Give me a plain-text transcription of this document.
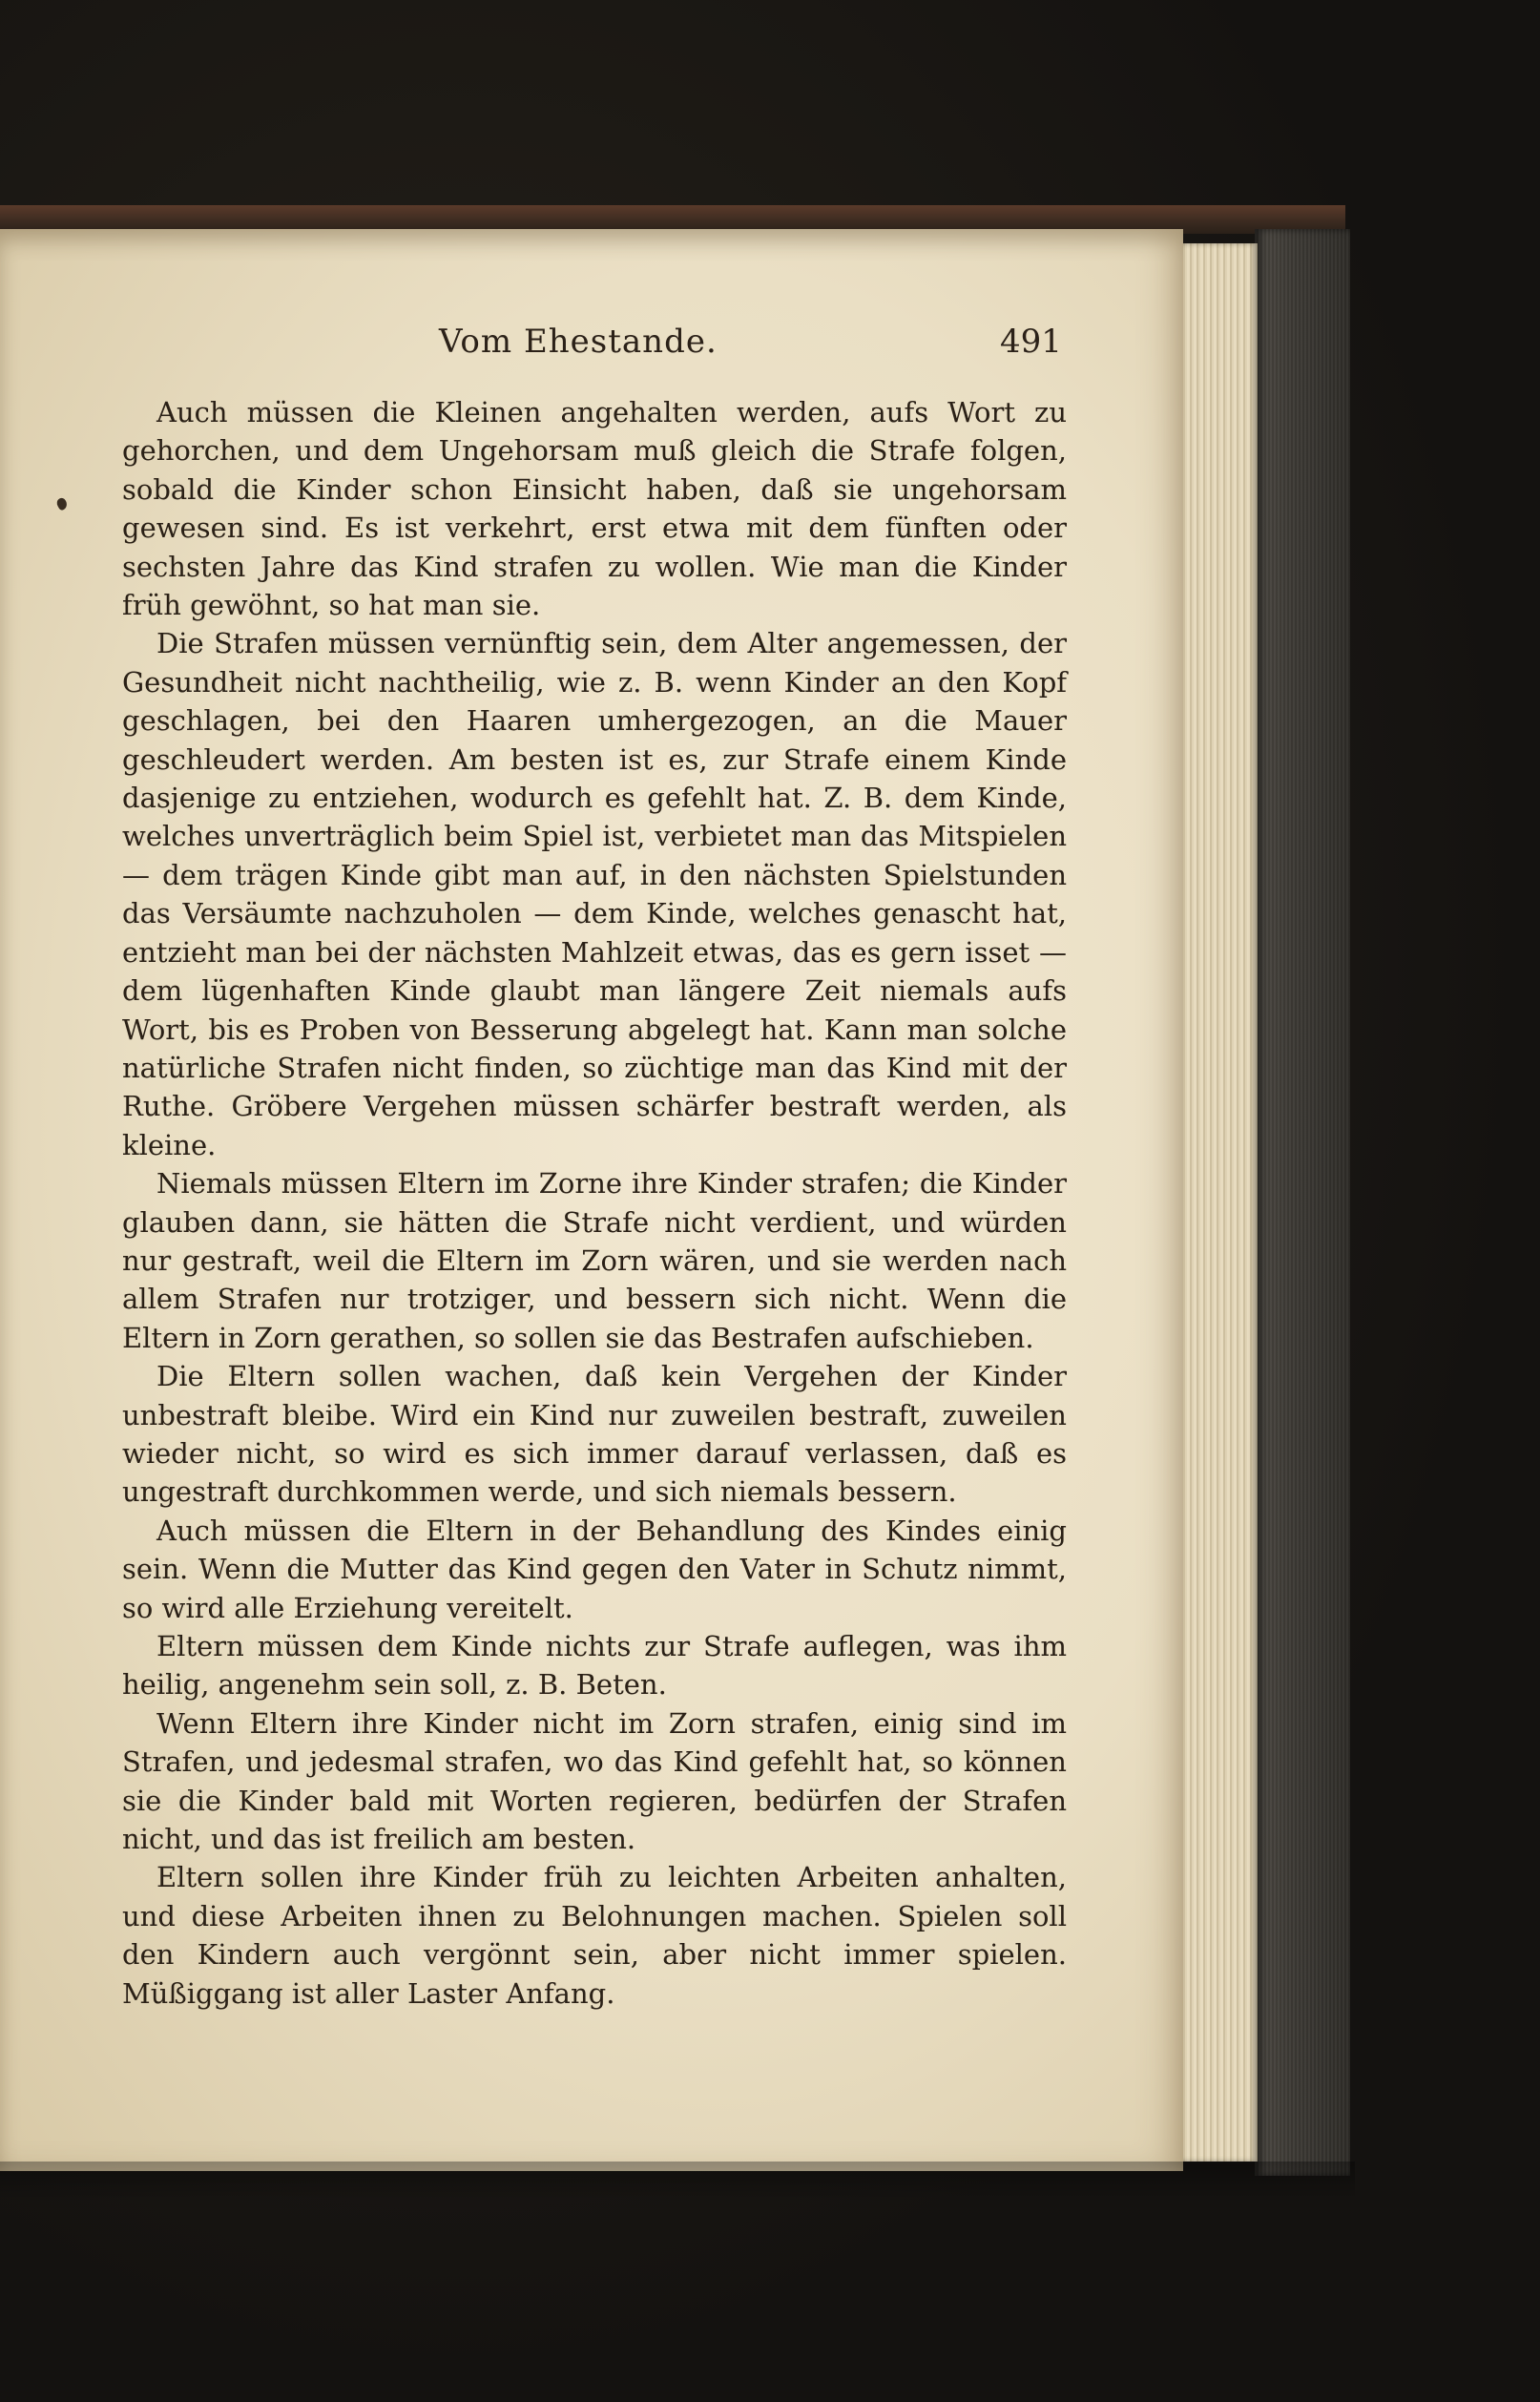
Vom Ehestande.	491

Auch müssen die Kleinen angehalten werden, aufs Wort zu gehorchen, und dem Ungehorsam muß gleich die Strafe folgen, sobald die Kinder schon Einsicht haben, daß sie ungehorsam gewesen sind. Es ist verkehrt, erst etwa mit dem fünften oder sechsten Jahre das Kind strafen zu wollen. Wie man die Kinder früh gewöhnt, so hat man sie.

Die Strafen müssen vernünftig sein, dem Alter angemessen, der Gesundheit nicht nachtheilig, wie z. B. wenn Kinder an den Kopf geschlagen, bei den Haaren umhergezogen, an die Mauer geschleudert werden. Am besten ist es, zur Strafe einem Kinde dasjenige zu entziehen, wodurch es gefehlt hat. Z. B. dem Kinde, welches unverträglich beim Spiel ist, verbietet man das Mitspielen — dem trägen Kinde gibt man auf, in den nächsten Spielstunden das Versäumte nachzuholen — dem Kinde, welches genascht hat, entzieht man bei der nächsten Mahlzeit etwas, das es gern isset — dem lügenhaften Kinde glaubt man längere Zeit niemals aufs Wort, bis es Proben von Besserung abgelegt hat. Kann man solche natürliche Strafen nicht finden, so züchtige man das Kind mit der Ruthe. Gröbere Vergehen müssen schärfer bestraft werden, als kleine.

Niemals müssen Eltern im Zorne ihre Kinder strafen; die Kinder glauben dann, sie hätten die Strafe nicht verdient, und würden nur gestraft, weil die Eltern im Zorn wären, und sie werden nach allem Strafen nur trotziger, und bessern sich nicht. Wenn die Eltern in Zorn gerathen, so sollen sie das Bestrafen aufschieben.

Die Eltern sollen wachen, daß kein Vergehen der Kinder unbestraft bleibe. Wird ein Kind nur zuweilen bestraft, zuweilen wieder nicht, so wird es sich immer darauf verlassen, daß es ungestraft durchkommen werde, und sich niemals bessern.

Auch müssen die Eltern in der Behandlung des Kindes einig sein. Wenn die Mutter das Kind gegen den Vater in Schutz nimmt, so wird alle Erziehung vereitelt.

Eltern müssen dem Kinde nichts zur Strafe auflegen, was ihm heilig, angenehm sein soll, z. B. Beten.

Wenn Eltern ihre Kinder nicht im Zorn strafen, einig sind im Strafen, und jedesmal strafen, wo das Kind gefehlt hat, so können sie die Kinder bald mit Worten regieren, bedürfen der Strafen nicht, und das ist freilich am besten.

Eltern sollen ihre Kinder früh zu leichten Arbeiten anhalten, und diese Arbeiten ihnen zu Belohnungen machen. Spielen soll den Kindern auch vergönnt sein, aber nicht immer spielen. Müßiggang ist aller Laster Anfang.
